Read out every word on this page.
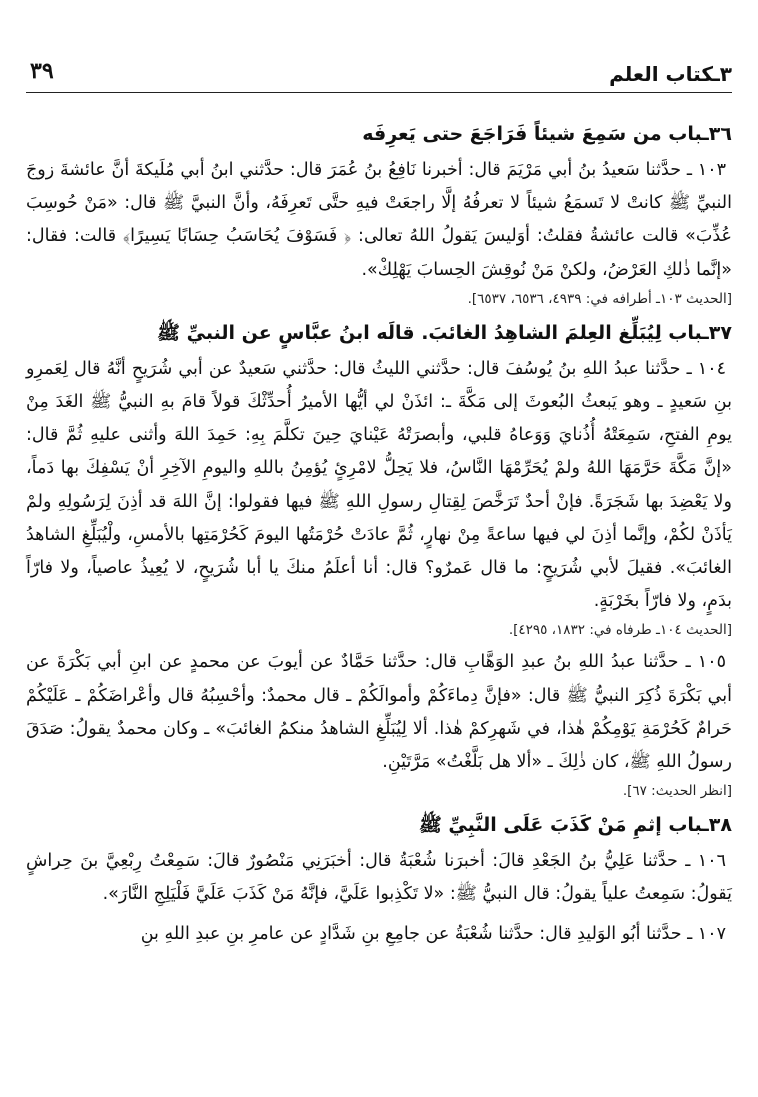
٣ـكتاب العلم
٣٩
٣٦ـباب من سَمِعَ شيئاً فَرَاجَعَ حتى يَعرِفَه

١٠٣ ـ حدَّثنا سَعيدُ بنُ أبي مَرْيَمَ قال: أخبرنا نَافِعُ بنُ عُمَرَ قال: حدَّثني ابنُ أبي مُلَيكةَ أنَّ عائشةَ زوجَ النبيِّ ﷺ كانتْ لا تَسمَعُ شيئاً لا تعرفُهُ إلَّا راجعَتْ فيهِ حتَّى تَعرِفَهُ، وأنَّ النبيَّ ﷺ قال: «مَنْ حُوسِبَ عُذِّبَ» قالت عائشةُ فقلتُ: أوَليسَ يَقولُ اللهُ تعالى: ﴿ فَسَوْفَ يُحَاسَبُ حِسَابًا يَسِيرًا﴾ قالت: فقال: «إنَّما ذٰلكِ العَرْضُ، ولكنْ مَنْ نُوقِشَ الحِسابَ يَهْلِكْ».

[الحديث ١٠٣ـ أطرافه في: ٤٩٣٩، ٦٥٣٦، ٦٥٣٧].

٣٧ـباب لِيُبَلِّغ العِلمَ الشاهِدُ الغائبَ. قالَه ابنُ عبَّاسٍ عن النبيِّ ﷺ

١٠٤ ـ حدَّثنا عبدُ اللهِ بنُ يُوسُفَ قال: حدَّثني الليثُ قال: حدَّثني سَعيدٌ عن أبي شُرَيحٍ أنَّهُ قال لِعَمرِو بنِ سَعيدٍ ـ وهو يَبعثُ البُعوثَ إلى مَكَّةَ ـ: ائذَنْ لي أيُّها الأميرُ أُحدِّثْكَ قولاً قامَ بهِ النبيُّ ﷺ الغَدَ مِنْ يومِ الفتحِ، سَمِعَتْهُ أُذُنايَ وَوَعاهُ قلبي، وأبصرَتْهُ عَيْنايَ حِينَ تكلَّمَ بِهِ: حَمِدَ اللهَ وأثنى عليهِ ثُمَّ قال: «إنَّ مَكَّةَ حَرَّمَهَا اللهُ ولمْ يُحَرِّمْهَا النَّاسُ، فلا يَحِلُّ لامْرِئٍ يُؤمِنُ باللهِ واليومِ الآخِرِ أنْ يَسْفِكَ بها دَماً، ولا يَعْضِدَ بها شَجَرَةً. فإنْ أحدٌ تَرَخَّصَ لِقِتالِ رسولِ اللهِ ﷺ فيها فقولوا: إنَّ اللهَ قد أذِنَ لِرَسُولِهِ ولمْ يَأذَنْ لكُمْ، وإنَّما أذِنَ لي فيها ساعةً مِنْ نهارٍ، ثُمَّ عادَتْ حُرْمَتُها اليومَ كَحُرْمَتِها بالأمسِ، ولْيُبَلِّغِ الشاهدُ الغائبَ». فقيلَ لأبي شُرَيحٍ: ما قال عَمرٌو؟ قال: أنا أعلَمُ منكَ يا أبا شُرَيحٍ، لا يُعِيذُ عاصياً، ولا فارّاً بدَمٍ، ولا فارّاً بخَرْبَةٍ.

[الحديث ١٠٤ـ طرفاه في: ١٨٣٢، ٤٢٩٥].

١٠٥ ـ حدَّثنا عبدُ اللهِ بنُ عبدِ الوَهَّابِ قال: حدَّثنا حَمَّادٌ عن أيوبَ عن محمدٍ عن ابنِ أبي بَكْرَةَ عن أبي بَكْرَةَ ذُكِرَ النبيُّ ﷺ قال: «فإنَّ دِماءَكُمْ وأموالَكُمْ ـ قال محمدٌ: وأحْسِبُهُ قال وأعْراضَكُمْ ـ عَلَيْكُمْ حَرامٌ كَحُرْمَةِ يَوْمِكُمْ هٰذا، في شَهرِكمْ هٰذا. ألا لِيُبَلِّغِ الشاهدُ منكمُ الغائبَ» ـ وكان محمدٌ يقولُ: صَدَقَ رسولُ اللهِ ﷺ، كان ذٰلِكَ ـ «ألا هل بَلَّغْتُ» مَرَّتَيْنِ.

[انظر الحديث: ٦٧].

٣٨ـباب إثمِ مَنْ كَذَبَ عَلَى النَّبِيِّ ﷺ

١٠٦ ـ حدَّثنا عَلِيُّ بنُ الجَعْدِ قالَ: أخبرَنا شُعْبَةُ قال: أخبَرَنِي مَنْصُورٌ قالَ: سَمِعْتُ رِبْعِيَّ بنَ حِراشٍ يَقولُ: سَمِعتُ علياً يقولُ: قال النبيُّ ﷺ: «لا تَكْذِبوا عَلَيَّ، فإنَّهُ مَنْ كَذَبَ عَلَيَّ فَلْيَلِجِ النَّارَ».

١٠٧ ـ حدَّثنا أبُو الوَليدِ قال: حدَّثنا شُعْبَةُ عن جامِعِ بنِ شَدَّادٍ عن عامرِ بنِ عبدِ اللهِ بنِ
